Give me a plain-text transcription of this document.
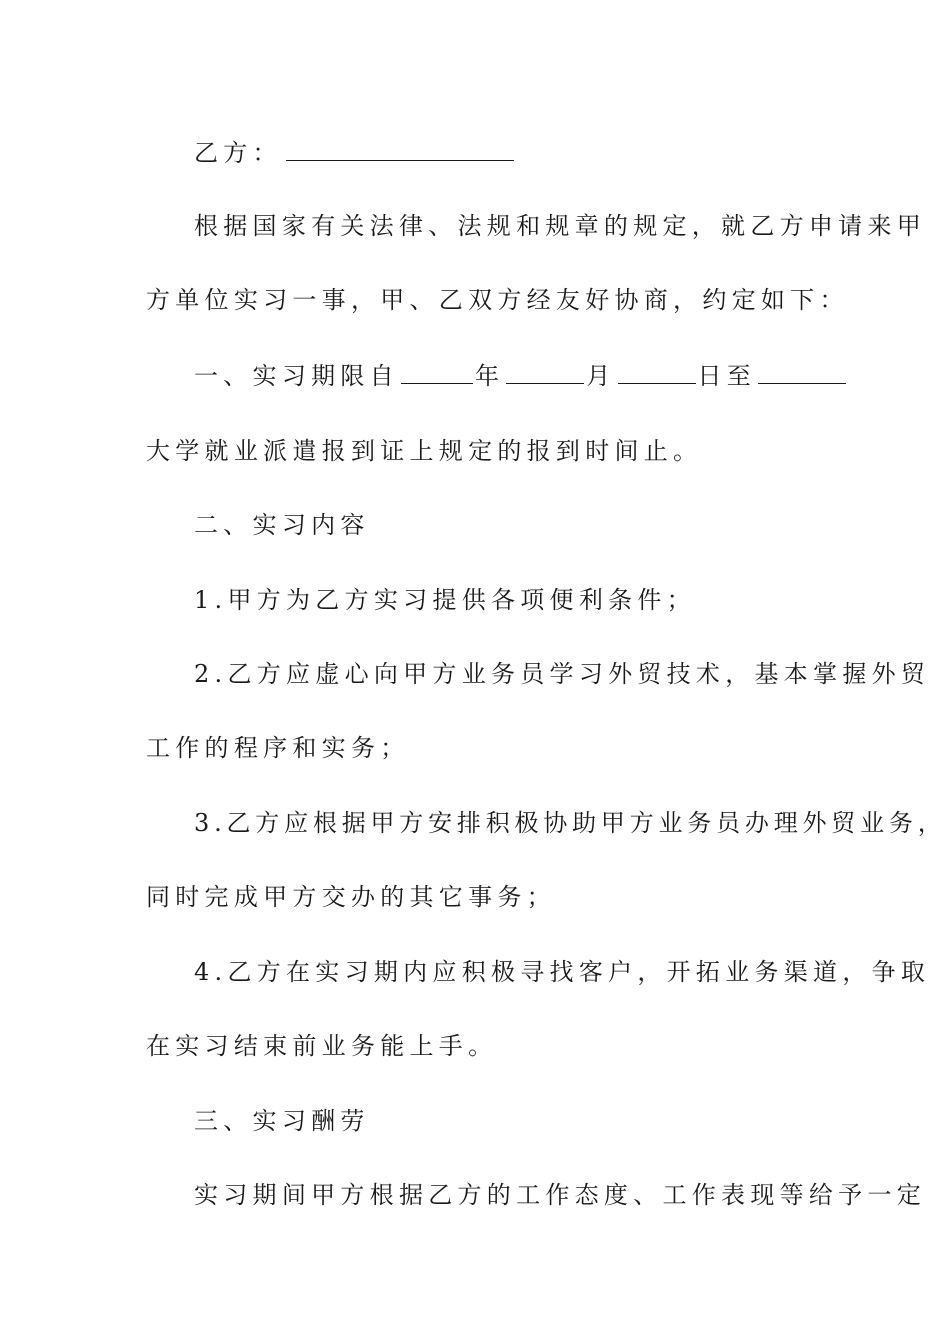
乙方：
根据国家有关法律、法规和规章的规定，就乙方申请来甲
方单位实习一事，甲、乙双方经友好协商，约定如下：
一、实习期限自	年	月	日至
大学就业派遣报到证上规定的报到时间止。
二、实习内容
1.甲方为乙方实习提供各项便利条件；
2.乙方应虚心向甲方业务员学习外贸技术，基本掌握外贸
工作的程序和实务；
3.乙方应根据甲方安排积极协助甲方业务员办理外贸业务，
同时完成甲方交办的其它事务；
4.乙方在实习期内应积极寻找客户，开拓业务渠道，争取
在实习结束前业务能上手。
三、实习酬劳
实习期间甲方根据乙方的工作态度、工作表现等给予一定
